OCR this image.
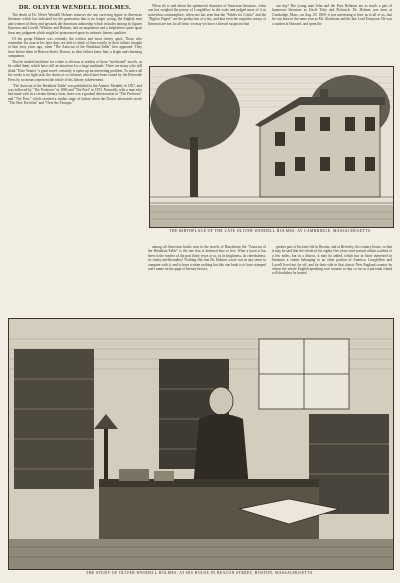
DR. OLIVER WENDELL HOLMES.

The death of Dr. Oliver Wendell Holmes removes the one surviving figure in American literature which has indicated for the generation that is no longer young, the English men and women of thirty and upwards the American authorship which includes among its figures Emerson and Lowell, Whittier and Holmes, had an inspiration and a helpfulness quite apart from any judgment which might be pronounced upon its intrinsic literary qualities.

Of the group Holmes was certainly the wittiest and most cheery spirit. Those who remember the man in his later days are able to think of him exactly as their fathers thought of him forty years ago, when "The Autocrat of the Breakfast-Table" first appeared. They have before them in Beacon Street, Boston, as their fathers knew him, a bright and charming companion.

That he studied medicine for a time is obvious to readers of those "medicated" novels, as he called them, which have still an attraction for a large multitude. There are many who still think "Elsie Venner" a great novel; certainly, it opens up an interesting problem. To notice all his works is no light task; the dozen or so volumes which have been issued by the Riverside Press by no means represent the whole of his literary achievement.

"The Autocrat of the Breakfast-Table" was published in the Atlantic Monthly in 1857, and was followed by "The Professor" in 1860 and "The Poet" in 1872. Naturally, with a man who had made a hit in a certain literary form, there was a gradual deterioration in "The Professor" and "The Poet," which reached a further stage of failure when the Doctor afterwards wrote "The New Portfolio" and "Over the Teacups."

When all is said about the ephemeral character of American literature, when one has weighed the poetry of Longfellow in the scale and judged most of it as somewhat commonplace, when one has seen that the "Fables for Critics" and the "Biglow Papers" are the production of a day, and that even the exquisite essays of Emerson are not for all time, we may yet have a shrewd suspicion that

our day! The young man John and the Poor Relation are as much a part of humorous literature as Uncle Toby and Pickwick. Dr. Holmes was born at Cambridge, Mass., on Aug. 29, 1809: it was interesting to him, as to all of us, that he was born in the same year as Mr. Gladstone and the late Lord Tennyson. He was a student at Harvard, and spent the

THE BIRTHPLACE OF THE LATE OLIVER WENDELL HOLMES, AT CAMBRIDGE, MASSACHUSETTS.

among all American books next to the novels of Hawthorne the "Autocrat of the Breakfast-Table" is the one that is destined best to live. What a boon it has been to the readers of the past thirty years or so, in its brightness, its cheerfulness, its chatty intellectuality! Nothing else that Dr. Holmes wrote was in any sense to compare with it, and to have written nothing but this one book is to have stamped one's name on the page of literary history.

greater part of his later life in Boston, and at Beverley, his country house, so that it may be said that the whole of his eighty-five years were passed within a radius of a few miles, but in a district, it may be added, which has in those interested in literature a charm belonging to no other portion of America. Longfellow and Lowell lived not far off, and by their side in that classic New England country he whom the whole English-speaking race mourns to-day so far as a personal friend will doubtless be buried.

THE STUDY OF OLIVER WENDELL HOLMES, AT HIS HOUSE IN BEACON STREET, BOSTON, MASSACHUSETTS.
